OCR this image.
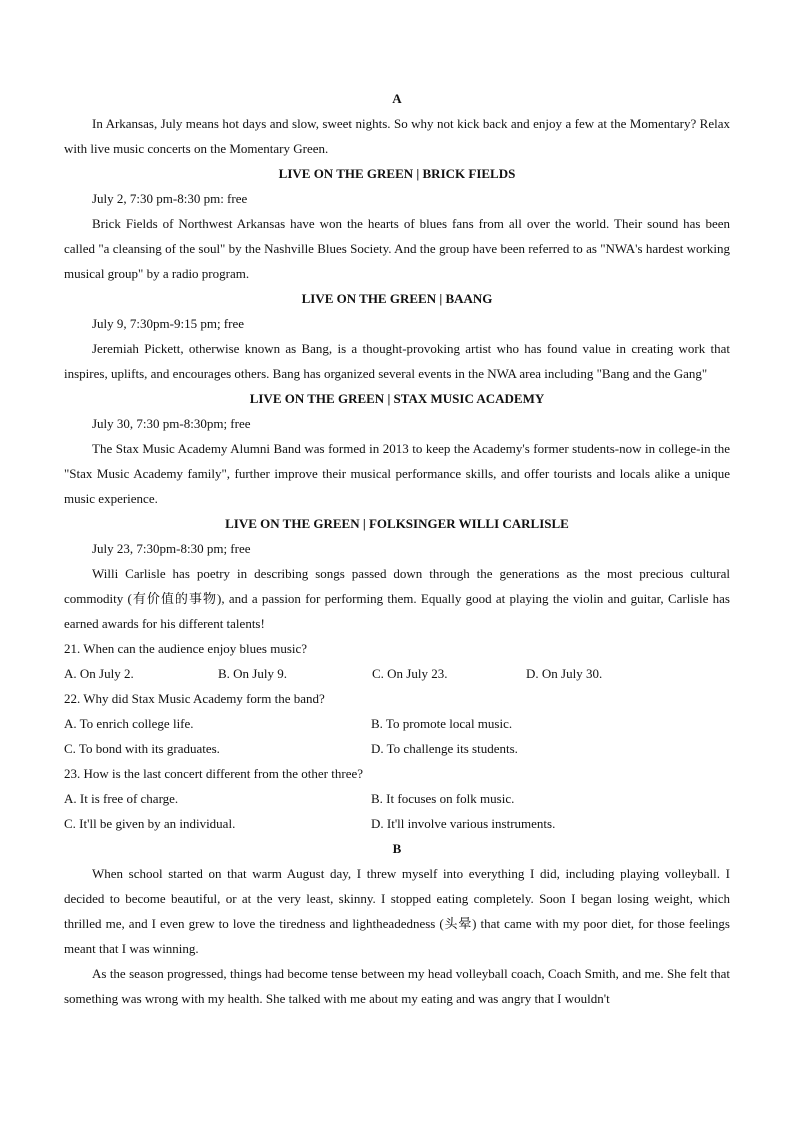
A

In Arkansas, July means hot days and slow, sweet nights. So why not kick back and enjoy a few at the Momentary? Relax with live music concerts on the Momentary Green.

LIVE ON THE GREEN | BRICK FIELDS

July 2, 7:30 pm-8:30 pm: free

Brick Fields of Northwest Arkansas have won the hearts of blues fans from all over the world. Their sound has been called "a cleansing of the soul" by the Nashville Blues Society. And the group have been referred to as "NWA's hardest working musical group" by a radio program.

LIVE ON THE GREEN | BAANG

July 9, 7:30pm-9:15 pm; free

Jeremiah Pickett, otherwise known as Bang, is a thought-provoking artist who has found value in creating work that inspires, uplifts, and encourages others. Bang has organized several events in the NWA area including "Bang and the Gang"

LIVE ON THE GREEN | STAX MUSIC ACADEMY

July 30, 7:30 pm-8:30pm; free

The Stax Music Academy Alumni Band was formed in 2013 to keep the Academy's former students-now in college-in the "Stax Music Academy family", further improve their musical performance skills, and offer tourists and locals alike a unique music experience.

LIVE ON THE GREEN | FOLKSINGER WILLI CARLISLE

July 23, 7:30pm-8:30 pm; free

Willi Carlisle has poetry in describing songs passed down through the generations as the most precious cultural commodity (有价值的事物), and a passion for performing them. Equally good at playing the violin and guitar, Carlisle has earned awards for his different talents!

21. When can the audience enjoy blues music?

A. On July 2.	B. On July 9.	C. On July 23.	D. On July 30.

22. Why did Stax Music Academy form the band?

A. To enrich college life.	B. To promote local music.
C. To bond with its graduates.	D. To challenge its students.

23. How is the last concert different from the other three?

A. It is free of charge.	B. It focuses on folk music.
C. It'll be given by an individual.	D. It'll involve various instruments.

B

When school started on that warm August day, I threw myself into everything I did, including playing volleyball. I decided to become beautiful, or at the very least, skinny. I stopped eating completely. Soon I began losing weight, which thrilled me, and I even grew to love the tiredness and lightheadedness (头晕) that came with my poor diet, for those feelings meant that I was winning.

As the season progressed, things had become tense between my head volleyball coach, Coach Smith, and me. She felt that something was wrong with my health. She talked with me about my eating and was angry that I wouldn't
